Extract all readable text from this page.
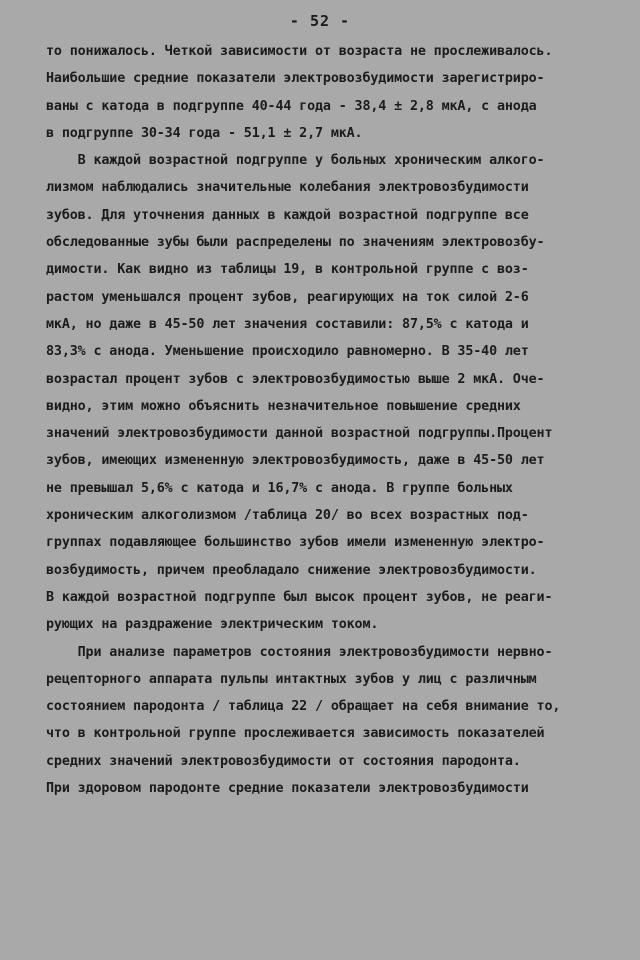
- 52 -
то понижалось. Четкой зависимости от возраста не прослеживалось.
Наибольшие средние показатели электровозбудимости зарегистриро-
ваны с катода в подгруппе 40-44 года - 38,4 ± 2,8 мкА, с анода
в подгруппе 30-34 года - 51,1 ± 2,7 мкА.
В каждой возрастной подгруппе у больных хроническим алкого-
лизмом наблюдались значительные колебания электровозбудимости
зубов. Для уточнения данных в каждой возрастной подгруппе все
обследованные зубы были распределены по значениям электровозбу-
димости. Как видно из таблицы 19, в контрольной группе с воз-
растом уменьшался процент зубов, реагирующих на ток силой 2-6
мкА, но даже в 45-50 лет значения составили: 87,5% с катода и
83,3% с анода. Уменьшение происходило равномерно. В 35-40 лет
возрастал процент зубов с электровозбудимостью выше 2 мкА. Оче-
видно, этим можно объяснить незначительное повышение средних
значений электровозбудимости данной возрастной подгруппы.Процент
зубов, имеющих измененную электровозбудимость, даже в 45-50 лет
не превышал 5,6% с катода и 16,7% с анода. В группе больных
хроническим алкоголизмом /таблица 20/ во всех возрастных под-
группах подавляющее большинство зубов имели измененную электро-
возбудимость, причем преобладало снижение электровозбудимости.
В каждой возрастной подгруппе был высок процент зубов, не реаги-
рующих на раздражение электрическим током.
При анализе параметров состояния электровозбудимости нервно-
рецепторного аппарата пульпы интактных зубов у лиц с различным
состоянием пародонта / таблица 22 / обращает на себя внимание то,
что в контрольной группе прослеживается зависимость показателей
средних значений электровозбудимости от состояния пародонта.
При здоровом пародонте средние показатели электровозбудимости
